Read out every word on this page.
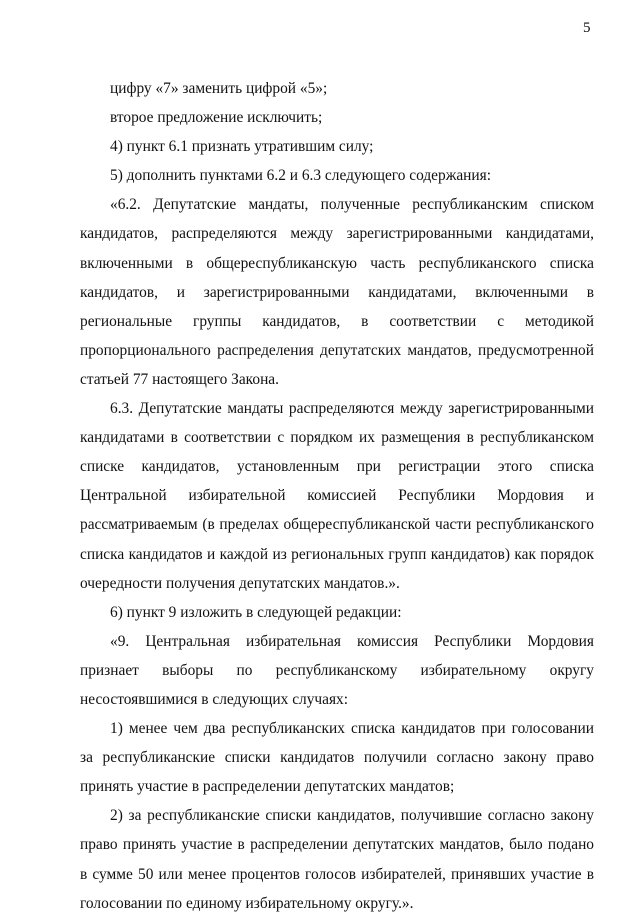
5
цифру «7» заменить цифрой «5»;
второе предложение исключить;
4) пункт 6.1 признать утратившим силу;
5) дополнить пунктами 6.2 и 6.3 следующего содержания:
«6.2. Депутатские мандаты, полученные республиканским списком
кандидатов, распределяются между зарегистрированными кандидатами,
включенными в общереспубликанскую часть республиканского списка
кандидатов, и зарегистрированными кандидатами, включенными в
региональные группы кандидатов, в соответствии с методикой
пропорционального распределения депутатских мандатов, предусмотренной
статьей 77 настоящего Закона.
6.3. Депутатские мандаты распределяются между зарегистрированными
кандидатами в соответствии с порядком их размещения в республиканском
списке кандидатов, установленным при регистрации этого списка
Центральной избирательной комиссией Республики Мордовия и
рассматриваемым (в пределах общереспубликанской части республиканского
списка кандидатов и каждой из региональных групп кандидатов) как порядок
очередности получения депутатских мандатов.».
6) пункт 9 изложить в следующей редакции:
«9. Центральная избирательная комиссия Республики Мордовия
признает выборы по республиканскому избирательному округу
несостоявшимися в следующих случаях:
1) менее чем два республиканских списка кандидатов при голосовании
за республиканские списки кандидатов получили согласно закону право
принять участие в распределении депутатских мандатов;
2) за республиканские списки кандидатов, получившие согласно закону
право принять участие в распределении депутатских мандатов, было подано
в сумме 50 или менее процентов голосов избирателей, принявших участие в
голосовании по единому избирательному округу.».
